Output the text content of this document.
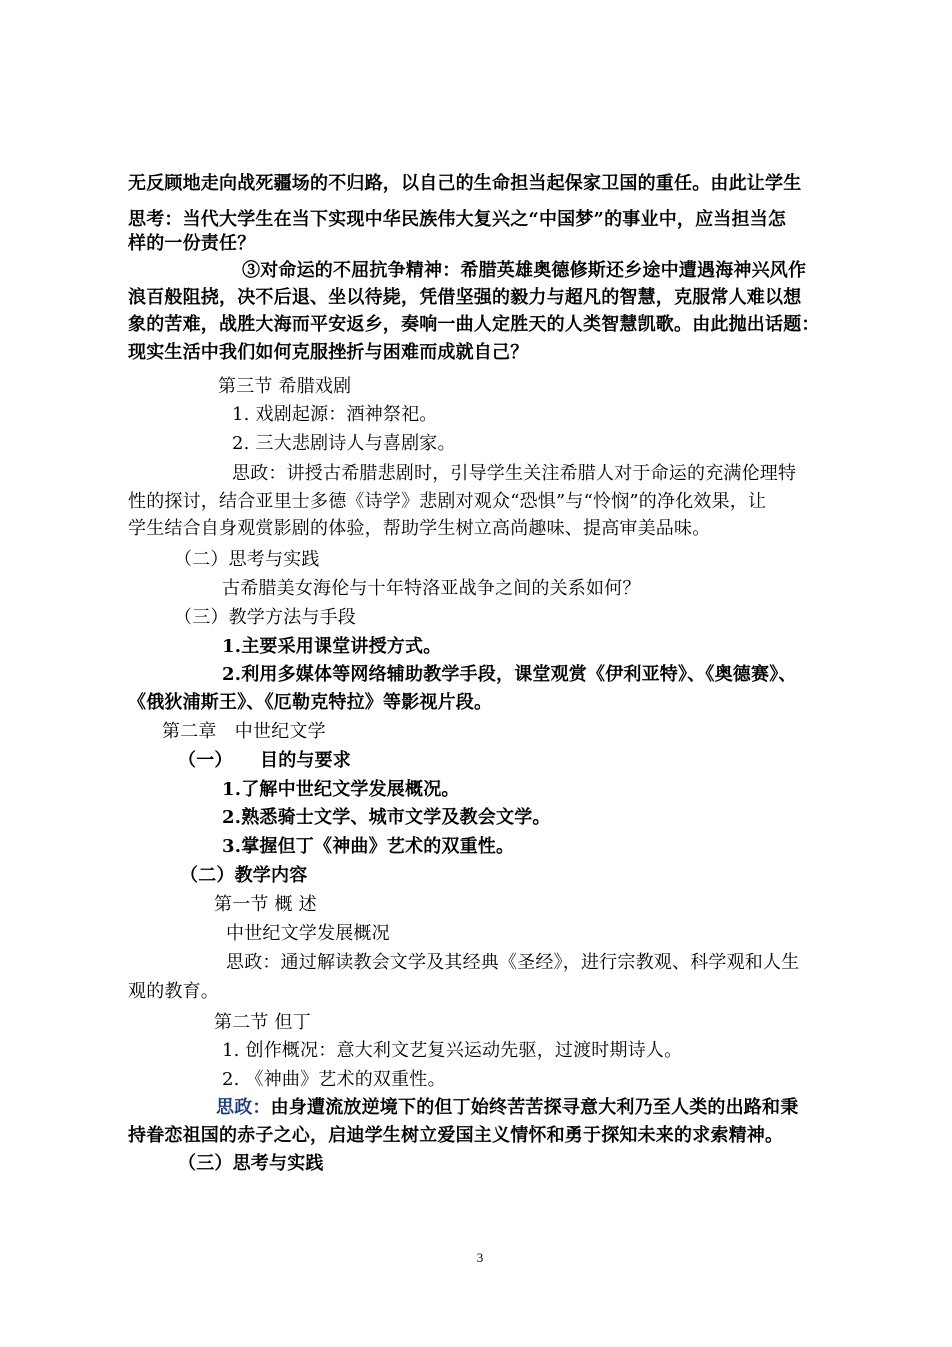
无反顾地走向战死疆场的不归路，以自己的生命担当起保家卫国的重任。由此让学生
思考：当代大学生在当下实现中华民族伟大复兴之“中国梦”的事业中，应当担当怎
样的一份责任？
③对命运的不屈抗争精神：希腊英雄奥德修斯还乡途中遭遇海神兴风作
浪百般阻挠，决不后退、坐以待毙，凭借坚强的毅力与超凡的智慧，克服常人难以想
象的苦难，战胜大海而平安返乡，奏响一曲人定胜天的人类智慧凯歌。由此抛出话题：
现实生活中我们如何克服挫折与困难而成就自己？
第三节 希腊戏剧
1. 戏剧起源：酒神祭祀。
2. 三大悲剧诗人与喜剧家。
思政：讲授古希腊悲剧时，引导学生关注希腊人对于命运的充满伦理特
性的探讨，结合亚里士多德《诗学》悲剧对观众“恐惧”与“怜悯”的净化效果，让
学生结合自身观赏影剧的体验，帮助学生树立高尚趣味、提高审美品味。
（二）思考与实践
古希腊美女海伦与十年特洛亚战争之间的关系如何？
（三）教学方法与手段
1.主要采用课堂讲授方式。
2.利用多媒体等网络辅助教学手段，课堂观赏《伊利亚特》、《奥德赛》、
《俄狄浦斯王》、《厄勒克特拉》等影视片段。
第二章　中世纪文学
（一）　　目的与要求
1.了解中世纪文学发展概况。
2.熟悉骑士文学、城市文学及教会文学。
3.掌握但丁《神曲》艺术的双重性。
（二）教学内容
第一节 概 述
中世纪文学发展概况
思政：通过解读教会文学及其经典《圣经》，进行宗教观、科学观和人生
观的教育。
第二节 但丁
1. 创作概况：意大利文艺复兴运动先驱，过渡时期诗人。
2. 《神曲》艺术的双重性。
思政：由身遭流放逆境下的但丁始终苦苦探寻意大利乃至人类的出路和秉
持眷恋祖国的赤子之心，启迪学生树立爱国主义情怀和勇于探知未来的求索精神。
（三）思考与实践
3
